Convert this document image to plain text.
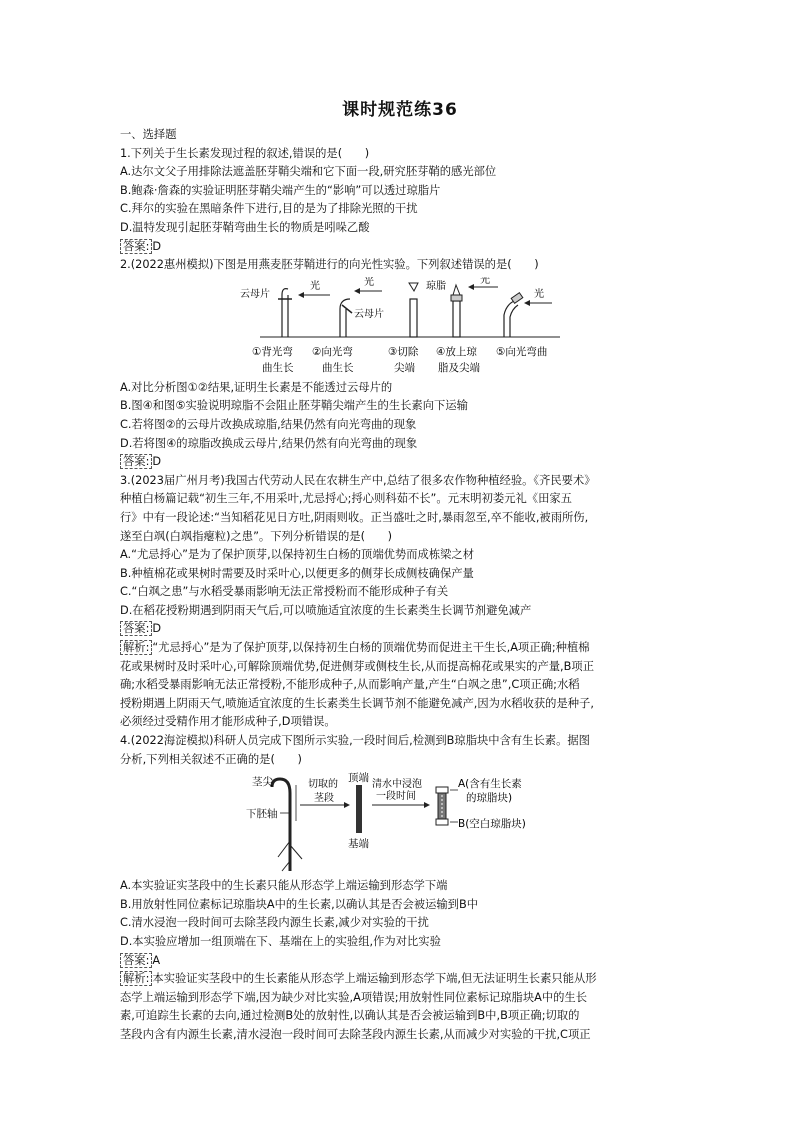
课时规范练36
一、选择题
1.下列关于生长素发现过程的叙述,错误的是(　　)
A.达尔文父子用排除法遮盖胚芽鞘尖端和它下面一段,研究胚芽鞘的感光部位
B.鲍森·詹森的实验证明胚芽鞘尖端产生的“影响”可以透过琼脂片
C.拜尔的实验在黑暗条件下进行,目的是为了排除光照的干扰
D.温特发现引起胚芽鞘弯曲生长的物质是吲哚乙酸
答案: D
2.(2022惠州模拟)下图是用燕麦胚芽鞘进行的向光性实验。下列叙述错误的是(　　)
云母片
光
云母片
光	琼脂
光
光
①背光弯
曲生长
②向光弯
曲生长
③切除
尖端
④放上琼
脂及尖端
⑤向光弯曲
A.对比分析图①②结果,证明生长素是不能透过云母片的
B.图④和图⑤实验说明琼脂不会阻止胚芽鞘尖端产生的生长素向下运输
C.若将图②的云母片改换成琼脂,结果仍然有向光弯曲的现象
D.若将图④的琼脂改换成云母片,结果仍然有向光弯曲的现象
答案: D
3.(2023届广州月考)我国古代劳动人民在农耕生产中,总结了很多农作物种植经验。《齐民要术》
种植白杨篇记载“初生三年,不用采叶,尤忌捋心;捋心则科茹不长”。元末明初娄元礼《田家五
行》中有一段论述:“当知稻花见日方吐,阴雨则收。正当盛吐之时,暴雨忽至,卒不能收,被雨所伤,
遂至白飒(白飒指瘪粒)之患”。下列分析错误的是(　　)
A.“尤忌捋心”是为了保护顶芽,以保持初生白杨的顶端优势而成栋梁之材
B.种植棉花或果树时需要及时采叶心,以便更多的侧芽长成侧枝确保产量
C.“白飒之患”与水稻受暴雨影响无法正常授粉而不能形成种子有关
D.在稻花授粉期遇到阴雨天气后,可以喷施适宜浓度的生长素类生长调节剂避免减产
答案: D
解析: “尤忌捋心”是为了保护顶芽,以保持初生白杨的顶端优势而促进主干生长,A项正确;种植棉
花或果树时及时采叶心,可解除顶端优势,促进侧芽或侧枝生长,从而提高棉花或果实的产量,B项正
确;水稻受暴雨影响无法正常授粉,不能形成种子,从而影响产量,产生“白飒之患”,C项正确;水稻
授粉期遇上阴雨天气,喷施适宜浓度的生长素类生长调节剂不能避免减产,因为水稻收获的是种子,
必须经过受精作用才能形成种子,D项错误。
4.(2022海淀模拟)科研人员完成下图所示实验,一段时间后,检测到B琼脂块中含有生长素。据图
分析,下列相关叙述不正确的是(　　)
茎尖
下胚轴
切取的
茎段
顶端
基端
清水中浸泡
一段时间
A(含有生长素
的琼脂块)
B(空白琼脂块)
A.本实验证实茎段中的生长素只能从形态学上端运输到形态学下端
B.用放射性同位素标记琼脂块A中的生长素,以确认其是否会被运输到B中
C.清水浸泡一段时间可去除茎段内源生长素,减少对实验的干扰
D.本实验应增加一组顶端在下、基端在上的实验组,作为对比实验
答案: A
解析: 本实验证实茎段中的生长素能从形态学上端运输到形态学下端,但无法证明生长素只能从形
态学上端运输到形态学下端,因为缺少对比实验,A项错误;用放射性同位素标记琼脂块A中的生长
素,可追踪生长素的去向,通过检测B处的放射性,以确认其是否会被运输到B中,B项正确;切取的
茎段内含有内源生长素,清水浸泡一段时间可去除茎段内源生长素,从而减少对实验的干扰,C项正
